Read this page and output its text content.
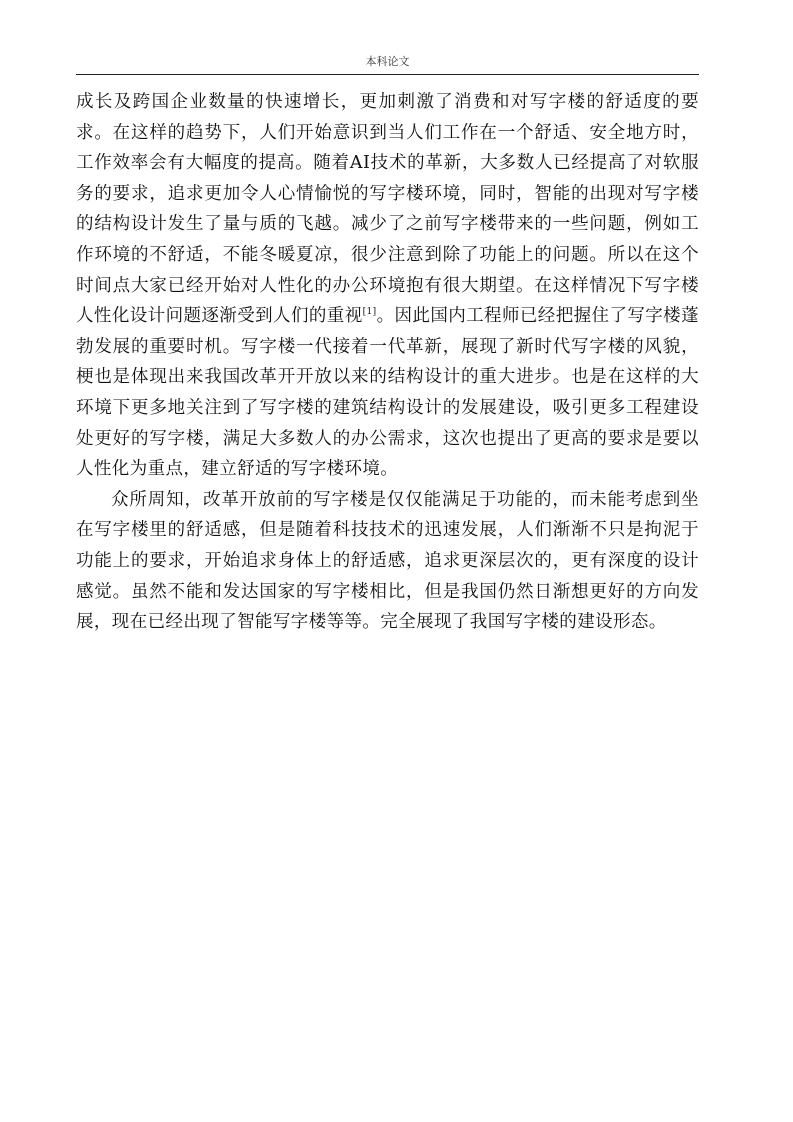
本科论文

成长及跨国企业数量的快速增长，更加刺激了消费和对写字楼的舒适度的要求。在这样的趋势下，人们开始意识到当人们工作在一个舒适、安全地方时，工作效率会有大幅度的提高。随着AI技术的革新，大多数人已经提高了对软服务的要求，追求更加令人心情愉悦的写字楼环境，同时，智能的出现对写字楼的结构设计发生了量与质的飞越。减少了之前写字楼带来的一些问题，例如工作环境的不舒适，不能冬暖夏凉，很少注意到除了功能上的问题。所以在这个时间点大家已经开始对人性化的办公环境抱有很大期望。在这样情况下写字楼人性化设计问题逐渐受到人们的重视[1]。因此国内工程师已经把握住了写字楼蓬勃发展的重要时机。写字楼一代接着一代革新，展现了新时代写字楼的风貌，梗也是体现出来我国改革开开放以来的结构设计的重大进步。也是在这样的大环境下更多地关注到了写字楼的建筑结构设计的发展建设，吸引更多工程建设处更好的写字楼，满足大多数人的办公需求，这次也提出了更高的要求是要以人性化为重点，建立舒适的写字楼环境。

众所周知，改革开放前的写字楼是仅仅能满足于功能的，而未能考虑到坐在写字楼里的舒适感，但是随着科技技术的迅速发展，人们渐渐不只是拘泥于功能上的要求，开始追求身体上的舒适感，追求更深层次的，更有深度的设计感觉。虽然不能和发达国家的写字楼相比，但是我国仍然日渐想更好的方向发展，现在已经出现了智能写字楼等等。完全展现了我国写字楼的建设形态。
